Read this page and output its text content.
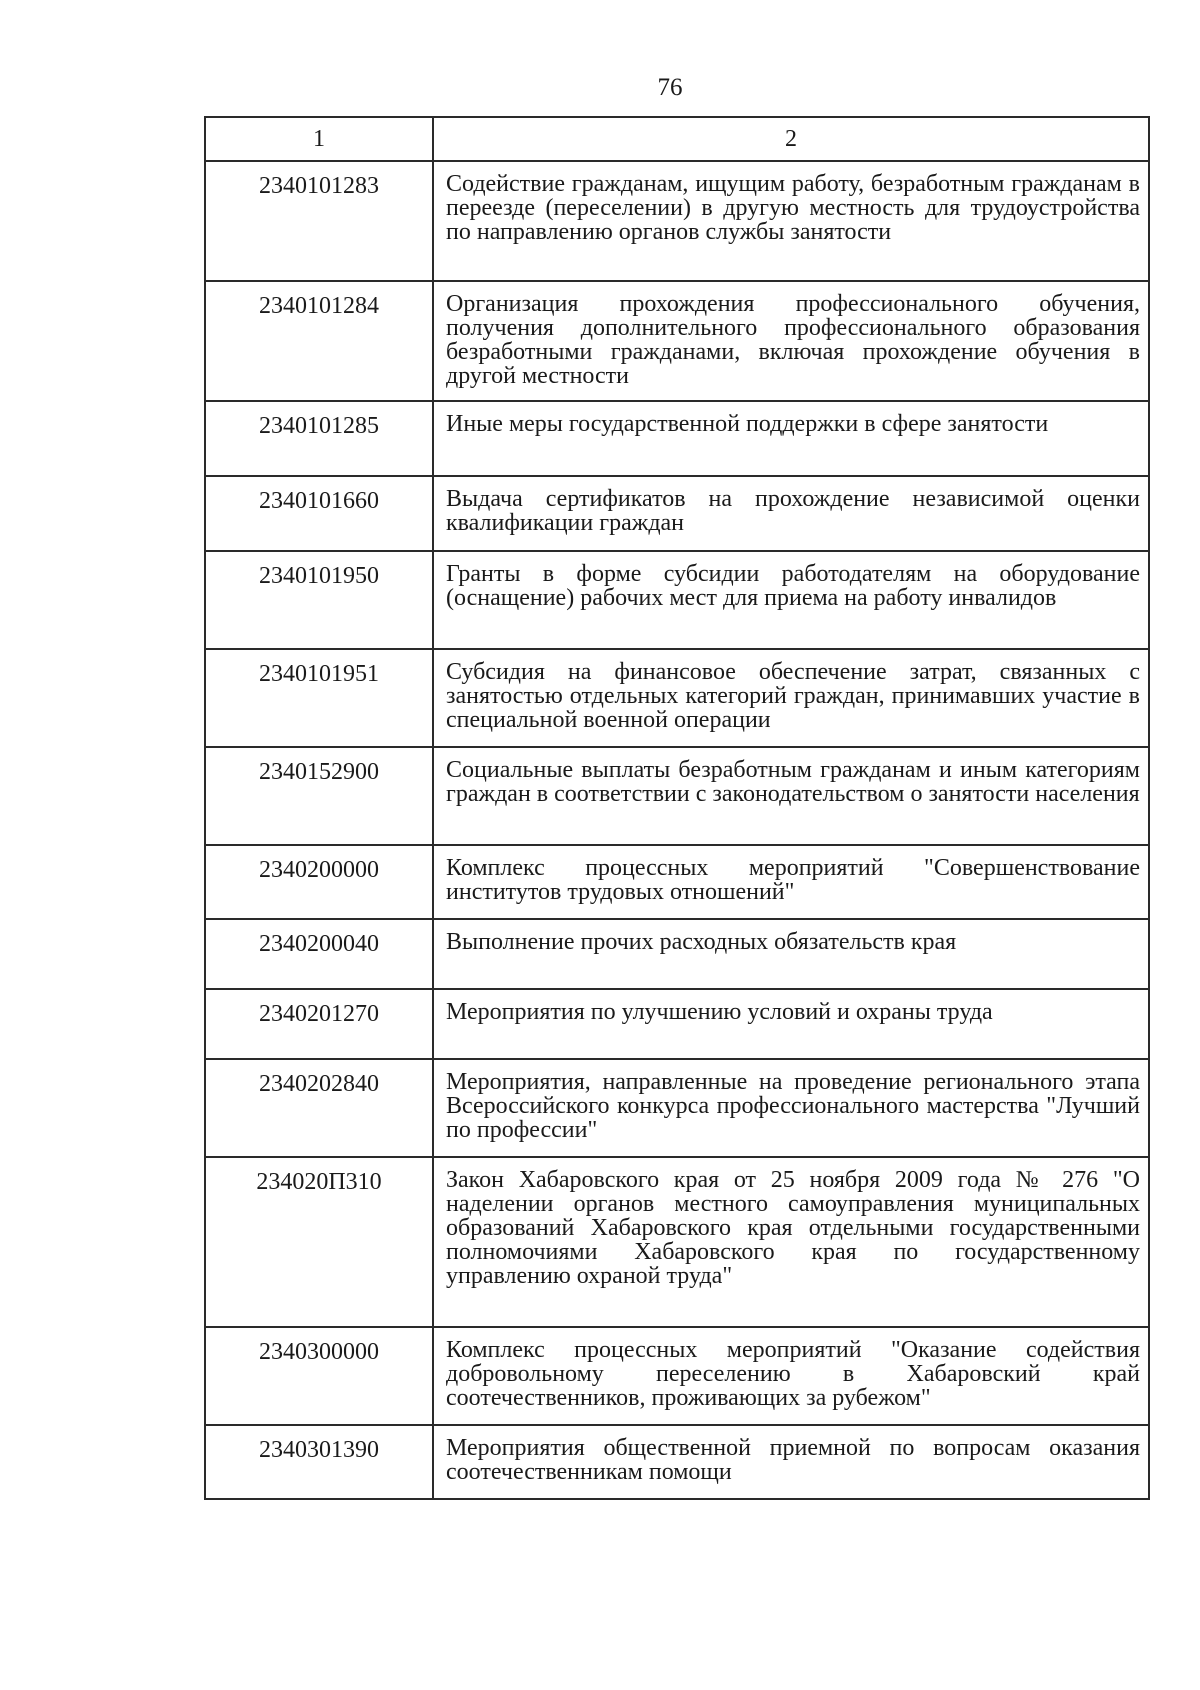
76
1	2
2340101283	Содействие гражданам, ищущим работу, безработным гражданам в переезде (переселении) в другую местность для трудоустройства по направлению органов службы занятости
2340101284	Организация прохождения профессионального обучения, получения дополнительного профессионального образования безработными гражданами, включая прохождение обучения в другой местности
2340101285	Иные меры государственной поддержки в сфере занятости
2340101660	Выдача сертификатов на прохождение независимой оценки квалификации граждан
2340101950	Гранты в форме субсидии работодателям на оборудование (оснащение) рабочих мест для приема на работу инвалидов
2340101951	Субсидия на финансовое обеспечение затрат, связанных с занятостью отдельных категорий граждан, принимавших участие в специальной военной операции
2340152900	Социальные выплаты безработным гражданам и иным категориям граждан в соответствии с законодательством о занятости населения
2340200000	Комплекс процессных мероприятий "Совершенствование институтов трудовых отношений"
2340200040	Выполнение прочих расходных обязательств края
2340201270	Мероприятия по улучшению условий и охраны труда
2340202840	Мероприятия, направленные на проведение регионального этапа Всероссийского конкурса профессионального мастерства "Лучший по профессии"
234020П310	Закон Хабаровского края от 25 ноября 2009 года № 276 "О наделении органов местного самоуправления муниципальных образований Хабаровского края отдельными государственными полномочиями Хабаровского края по государственному управлению охраной труда"
2340300000	Комплекс процессных мероприятий "Оказание содействия добровольному переселению в Хабаровский край соотечественников, проживающих за рубежом"
2340301390	Мероприятия общественной приемной по вопросам оказания соотечественникам помощи
